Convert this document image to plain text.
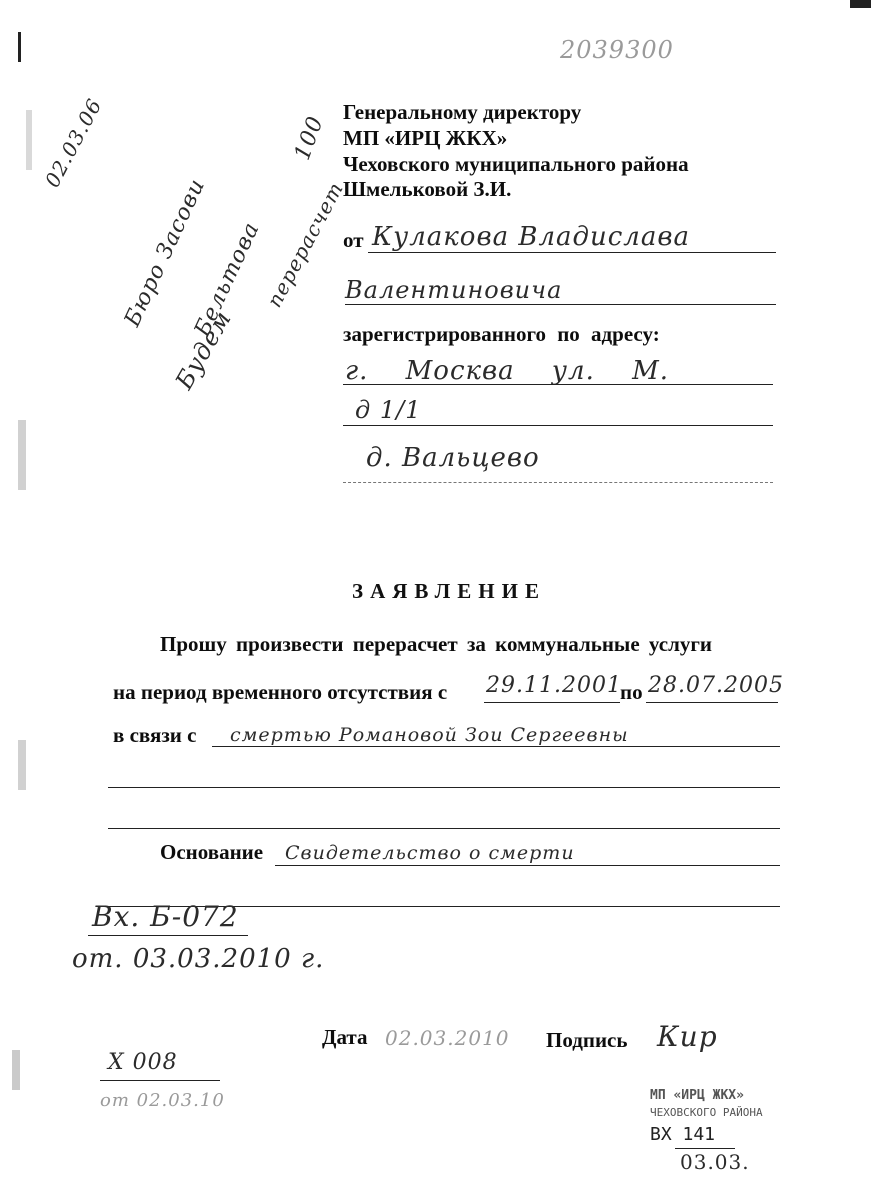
2039300
Генеральному директору
МП «ИРЦ ЖКХ»
Чеховского муниципального района
Шмельковой З.И.
02.03.06
Бюро Засови
Бельтова
перерасчет
Будем
100
от Кулакова Владислава
Валентиновича
зарегистрированного по адресу:
г. Москва ул. М.
д 1/1
д. Вальцево
ЗАЯВЛЕНИЕ
Прошу произвести перерасчет за коммунальные услуги
на период временного отсутствия с 29.11.2001
по 28.07.2005
в связи с смертью Романовой Зои Сергеевны
Основание Свидетельство о смерти
Вх. Б-072
от. 03.03.2010 г.
Дата 02.03.2010 Подпись Кир
Х 008
от 02.03.10	МП «ИРЦ ЖКХ»
ЧЕХОВСКОГО РАЙОНА
ВХ 141
03.03.
